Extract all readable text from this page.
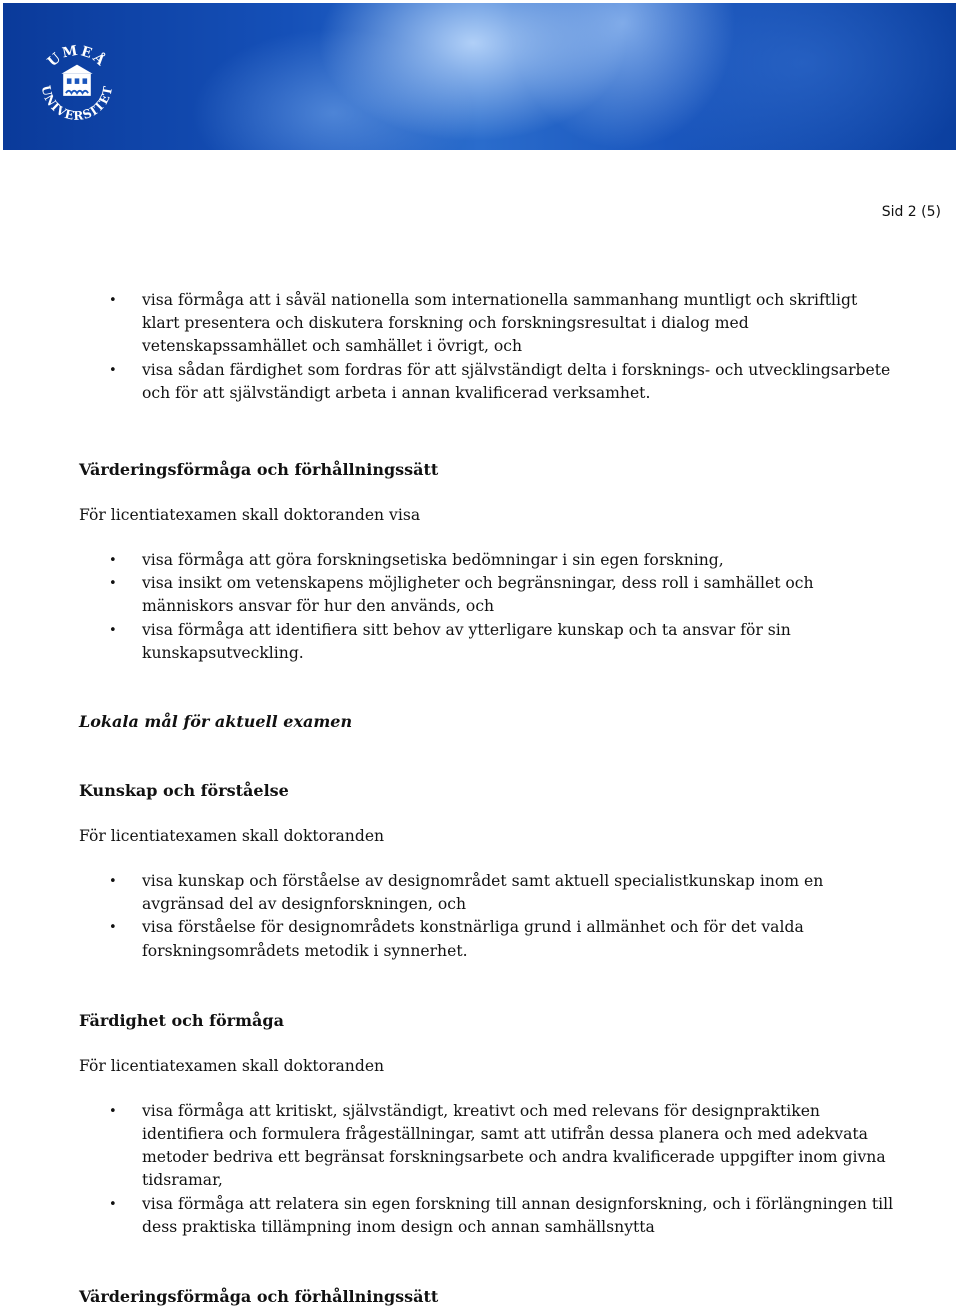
UMEÅ
UNIVERSITET
Sid 2 (5)
• visa förmåga att i såväl nationella som internationella sammanhang muntligt och skriftligt klart presentera och diskutera forskning och forskningsresultat i dialog med vetenskapssamhället och samhället i övrigt, och
• visa sådan färdighet som fordras för att självständigt delta i forsknings- och utvecklingsarbete och för att självständigt arbeta i annan kvalificerad verksamhet.
Värderingsförmåga och förhållningssätt

För licentiatexamen skall doktoranden visa

• visa förmåga att göra forskningsetiska bedömningar i sin egen forskning,
• visa insikt om vetenskapens möjligheter och begränsningar, dess roll i samhället och människors ansvar för hur den används, och
• visa förmåga att identifiera sitt behov av ytterligare kunskap och ta ansvar för sin kunskapsutveckling.
Lokala mål för aktuell examen
Kunskap och förståelse

För licentiatexamen skall doktoranden

• visa kunskap och förståelse av designområdet samt aktuell specialistkunskap inom en avgränsad del av designforskningen, och
• visa förståelse för designområdets konstnärliga grund i allmänhet och för det valda forskningsområdets metodik i synnerhet.
Färdighet och förmåga

För licentiatexamen skall doktoranden

• visa förmåga att kritiskt, självständigt, kreativt och med relevans för designpraktiken identifiera och formulera frågeställningar, samt att utifrån dessa planera och med adekvata metoder bedriva ett begränsat forskningsarbete och andra kvalificerade uppgifter inom givna tidsramar,
• visa förmåga att relatera sin egen forskning till annan designforskning, och i förlängningen till dess praktiska tillämpning inom design och annan samhällsnytta
Värderingsförmåga och förhållningssätt
